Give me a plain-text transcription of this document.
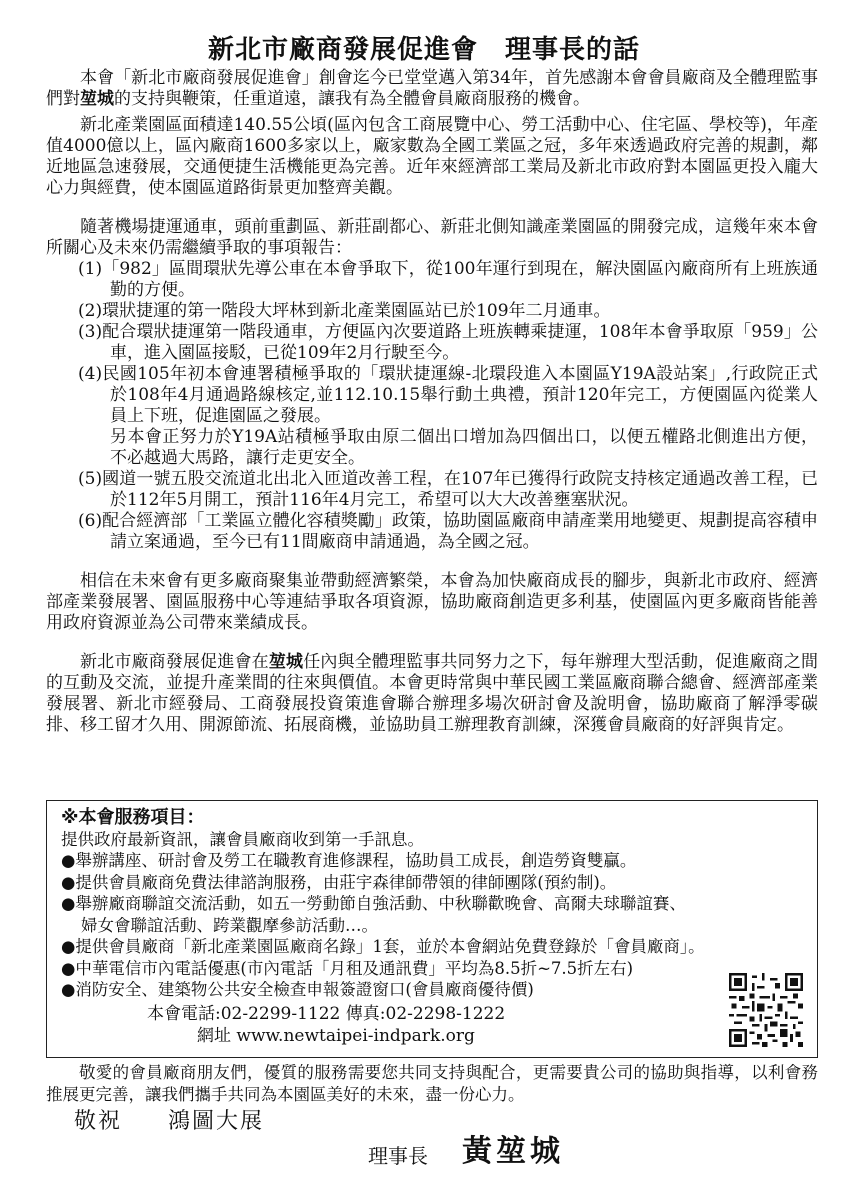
新北市廠商發展促進會　理事長的話

本會「新北市廠商發展促進會」創會迄今已堂堂邁入第34年，首先感謝本會會員廠商及全體理監事們對堃城的支持與鞭策，任重道遠，讓我有為全體會員廠商服務的機會。

新北產業園區面積達140.55公頃(區內包含工商展覽中心、勞工活動中心、住宅區、學校等)，年產值4000億以上，區內廠商1600多家以上，廠家數為全國工業區之冠，多年來透過政府完善的規劃，鄰近地區急速發展，交通便捷生活機能更為完善。近年來經濟部工業局及新北市政府對本園區更投入龐大心力與經費，使本園區道路街景更加整齊美觀。

隨著機場捷運通車，頭前重劃區、新莊副都心、新莊北側知識產業園區的開發完成，這幾年來本會所關心及未來仍需繼續爭取的事項報告：

(1)「982」區間環狀先導公車在本會爭取下，從100年運行到現在，解決園區內廠商所有上班族通勤的方便。
(2)環狀捷運的第一階段大坪林到新北產業園區站已於109年二月通車。
(3)配合環狀捷運第一階段通車，方便區內次要道路上班族轉乘捷運，108年本會爭取原「959」公車，進入園區接駁，已從109年2月行駛至今。
(4)民國105年初本會連署積極爭取的「環狀捷運線-北環段進入本園區Y19A設站案」,行政院正式於108年4月通過路線核定,並112.10.15舉行動土典禮，預計120年完工，方便園區內從業人員上下班，促進園區之發展。
另本會正努力於Y19A站積極爭取由原二個出口增加為四個出口，以便五權路北側進出方便，不必越過大馬路，讓行走更安全。
(5)國道一號五股交流道北出北入匝道改善工程，在107年已獲得行政院支持核定通過改善工程，已於112年5月開工，預計116年4月完工，希望可以大大改善壅塞狀況。
(6)配合經濟部「工業區立體化容積獎勵」政策，協助園區廠商申請產業用地變更、規劃提高容積申請立案通過，至今已有11間廠商申請通過，為全國之冠。

相信在未來會有更多廠商聚集並帶動經濟繁榮，本會為加快廠商成長的腳步，與新北市政府、經濟部產業發展署、園區服務中心等連結爭取各項資源，協助廠商創造更多利基，使園區內更多廠商皆能善用政府資源並為公司帶來業績成長。

新北市廠商發展促進會在堃城任內與全體理監事共同努力之下，每年辦理大型活動，促進廠商之間的互動及交流，並提升產業間的往來與價值。本會更時常與中華民國工業區廠商聯合總會、經濟部產業發展署、新北市經發局、工商發展投資策進會聯合辦理多場次研討會及說明會，協助廠商了解淨零碳排、移工留才久用、開源節流、拓展商機，並協助員工辦理教育訓練，深獲會員廠商的好評與肯定。

※本會服務項目：
提供政府最新資訊，讓會員廠商收到第一手訊息。
●舉辦講座、研討會及勞工在職教育進修課程，協助員工成長，創造勞資雙贏。
●提供會員廠商免費法律諮詢服務，由莊宇森律師帶領的律師團隊(預約制)。
●舉辦廠商聯誼交流活動，如五一勞動節自強活動、中秋聯歡晚會、高爾夫球聯誼賽、
婦女會聯誼活動、跨業觀摩參訪活動…。
●提供會員廠商「新北產業園區廠商名錄」1套，並於本會網站免費登錄於「會員廠商」。
●中華電信市內電話優惠(市內電話「月租及通訊費」平均為8.5折~7.5折左右)
●消防安全、建築物公共安全檢查申報簽證窗口(會員廠商優待價)
本會電話:02-2299-1122 傳真:02-2298-1222
網址 www.newtaipei-indpark.org
敬愛的會員廠商朋友們，優質的服務需要您共同支持與配合，更需要貴公司的協助與指導，以利會務推展更完善，讓我們攜手共同為本園區美好的未來，盡一份心力。
敬祝 鴻圖大展
理事長 黃堃城
